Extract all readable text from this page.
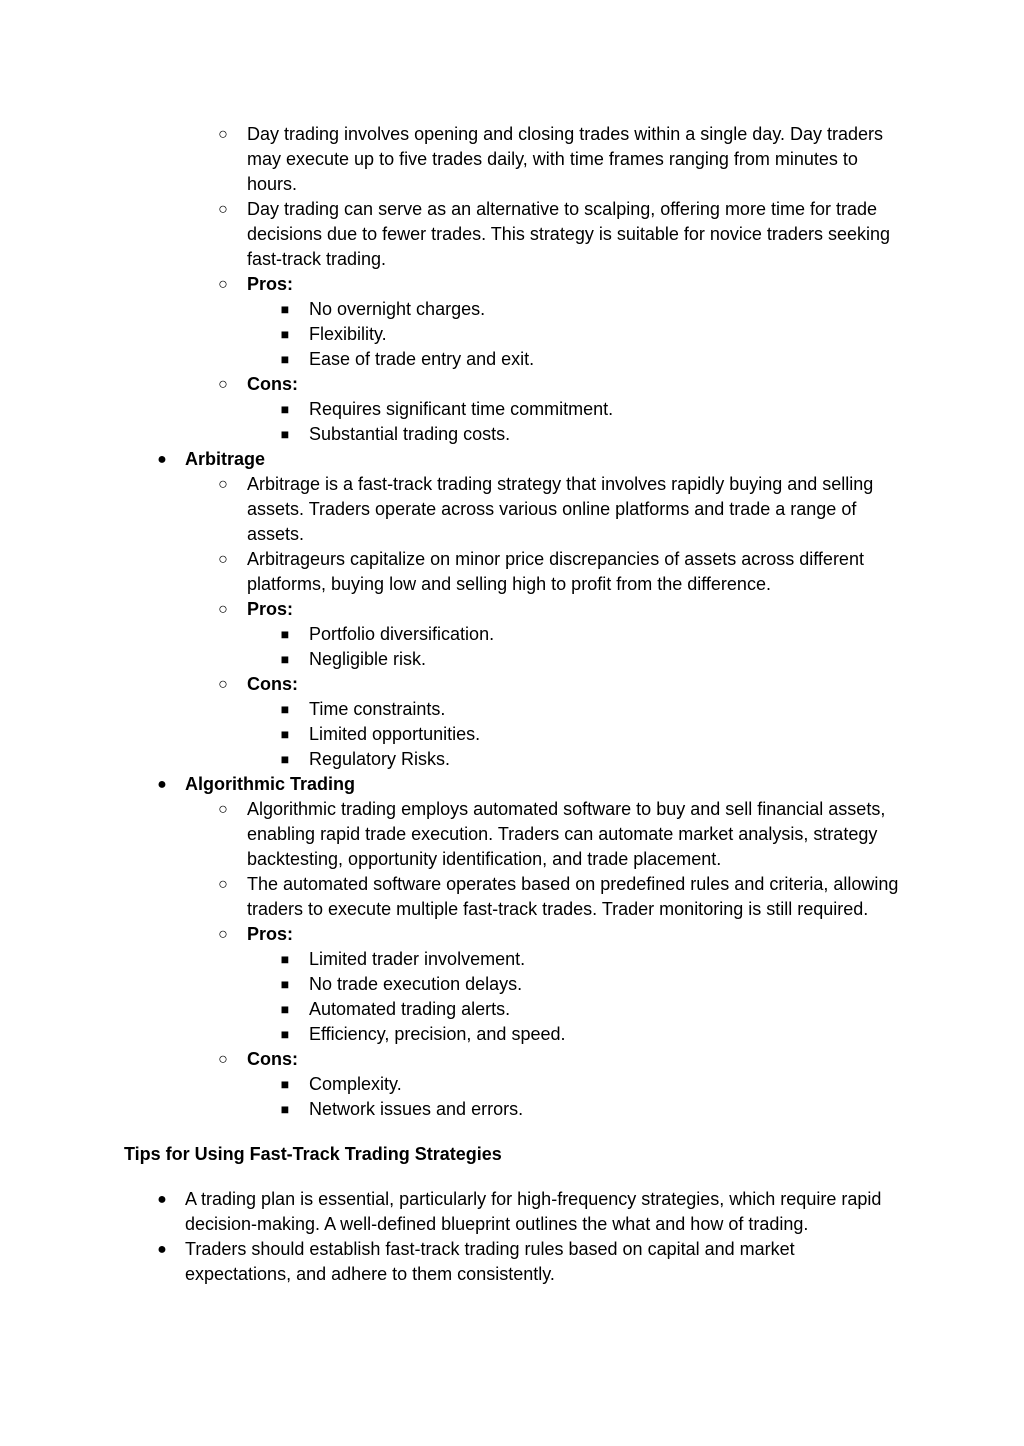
○ Day trading involves opening and closing trades within a single day. Day traders may execute up to five trades daily, with time frames ranging from minutes to hours.
○ Day trading can serve as an alternative to scalping, offering more time for trade decisions due to fewer trades. This strategy is suitable for novice traders seeking fast-track trading.
○ Pros:
■	No overnight charges.
■	Flexibility.
■	Ease of trade entry and exit.
○ Cons:
■	Requires significant time commitment.
■	Substantial trading costs.
● Arbitrage
○ Arbitrage is a fast-track trading strategy that involves rapidly buying and selling assets. Traders operate across various online platforms and trade a range of assets.
○ Arbitrageurs capitalize on minor price discrepancies of assets across different platforms, buying low and selling high to profit from the difference.
○ Pros:
■	Portfolio diversification.
■	Negligible risk.
○ Cons:
■	Time constraints.
■	Limited opportunities.
■	Regulatory Risks.
● Algorithmic Trading
○ Algorithmic trading employs automated software to buy and sell financial assets, enabling rapid trade execution. Traders can automate market analysis, strategy backtesting, opportunity identification, and trade placement.
○ The automated software operates based on predefined rules and criteria, allowing traders to execute multiple fast-track trades. Trader monitoring is still required.
○ Pros:
■	Limited trader involvement.
■	No trade execution delays.
■	Automated trading alerts.
■	Efficiency, precision, and speed.
○ Cons:
■	Complexity.
■	Network issues and errors.
Tips for Using Fast-Track Trading Strategies
● A trading plan is essential, particularly for high-frequency strategies, which require rapid decision-making. A well-defined blueprint outlines the what and how of trading.
● Traders should establish fast-track trading rules based on capital and market expectations, and adhere to them consistently.
